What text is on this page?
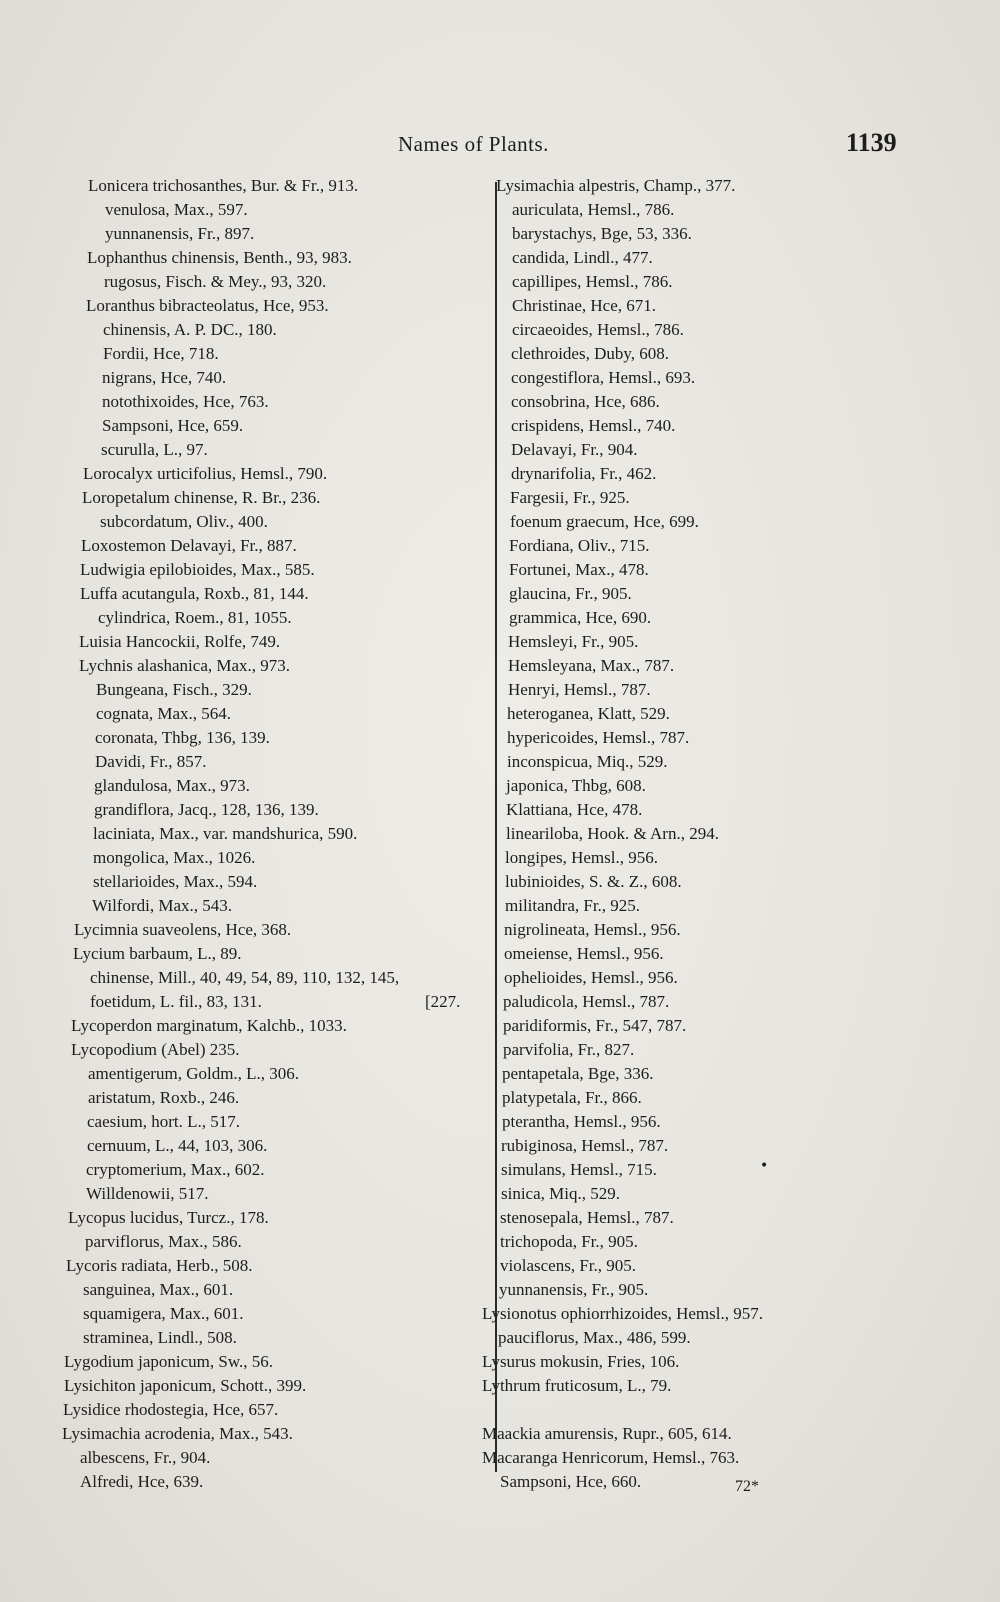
Names of Plants.	1139
Lonicera trichosanthes, Bur. & Fr., 913.
venulosa, Max., 597.
yunnanensis, Fr., 897.
Lophanthus chinensis, Benth., 93, 983.
rugosus, Fisch. & Mey., 93, 320.
Loranthus bibracteolatus, Hce, 953.
chinensis, A. P. DC., 180.
Fordii, Hce, 718.
nigrans, Hce, 740.
notothixoides, Hce, 763.
Sampsoni, Hce, 659.
scurulla, L., 97.
Lorocalyx urticifolius, Hemsl., 790.
Loropetalum chinense, R. Br., 236.
subcordatum, Oliv., 400.
Loxostemon Delavayi, Fr., 887.
Ludwigia epilobioides, Max., 585.
Luffa acutangula, Roxb., 81, 144.
cylindrica, Roem., 81, 1055.
Luisia Hancockii, Rolfe, 749.
Lychnis alashanica, Max., 973.
Bungeana, Fisch., 329.
cognata, Max., 564.
coronata, Thbg, 136, 139.
Davidi, Fr., 857.
glandulosa, Max., 973.
grandiflora, Jacq., 128, 136, 139.
laciniata, Max., var. mandshurica, 590.
mongolica, Max., 1026.
stellarioides, Max., 594.
Wilfordi, Max., 543.
Lycimnia suaveolens, Hce, 368.
Lycium barbaum, L., 89.
chinense, Mill., 40, 49, 54, 89, 110, 132, 145,
foetidum, L. fil., 83, 131.	[227.
Lycoperdon marginatum, Kalchb., 1033.
Lycopodium (Abel) 235.
amentigerum, Goldm., L., 306.
aristatum, Roxb., 246.
caesium, hort. L., 517.
cernuum, L., 44, 103, 306.
cryptomerium, Max., 602.
Willdenowii, 517.
Lycopus lucidus, Turcz., 178.
parviflorus, Max., 586.
Lycoris radiata, Herb., 508.
sanguinea, Max., 601.
squamigera, Max., 601.
straminea, Lindl., 508.
Lygodium japonicum, Sw., 56.
Lysichiton japonicum, Schott., 399.
Lysidice rhodostegia, Hce, 657.
Lysimachia acrodenia, Max., 543.
albescens, Fr., 904.
Alfredi, Hce, 639.
Lysimachia alpestris, Champ., 377.
auriculata, Hemsl., 786.
barystachys, Bge, 53, 336.
candida, Lindl., 477.
capillipes, Hemsl., 786.
Christinae, Hce, 671.
circaeoides, Hemsl., 786.
clethroides, Duby, 608.
congestiflora, Hemsl., 693.
consobrina, Hce, 686.
crispidens, Hemsl., 740.
Delavayi, Fr., 904.
drynarifolia, Fr., 462.
Fargesii, Fr., 925.
foenum graecum, Hce, 699.
Fordiana, Oliv., 715.
Fortunei, Max., 478.
glaucina, Fr., 905.
grammica, Hce, 690.
Hemsleyi, Fr., 905.
Hemsleyana, Max., 787.
Henryi, Hemsl., 787.
heteroganea, Klatt, 529.
hypericoides, Hemsl., 787.
inconspicua, Miq., 529.
japonica, Thbg, 608.
Klattiana, Hce, 478.
lineariloba, Hook. & Arn., 294.
longipes, Hemsl., 956.
lubinioides, S. &. Z., 608.
militandra, Fr., 925.
nigrolineata, Hemsl., 956.
omeiense, Hemsl., 956.
ophelioides, Hemsl., 956.
paludicola, Hemsl., 787.
paridiformis, Fr., 547, 787.
parvifolia, Fr., 827.
pentapetala, Bge, 336.
platypetala, Fr., 866.
pterantha, Hemsl., 956.
rubiginosa, Hemsl., 787.
simulans, Hemsl., 715.
sinica, Miq., 529.
stenosepala, Hemsl., 787.
trichopoda, Fr., 905.
violascens, Fr., 905.
yunnanensis, Fr., 905.
Lysionotus ophiorrhizoides, Hemsl., 957.
pauciflorus, Max., 486, 599.
Lysurus mokusin, Fries, 106.
Lythrum fruticosum, L., 79.
Maackia amurensis, Rupr., 605, 614.
Macaranga Henricorum, Hemsl., 763.
Sampsoni, Hce, 660.
•
72*
